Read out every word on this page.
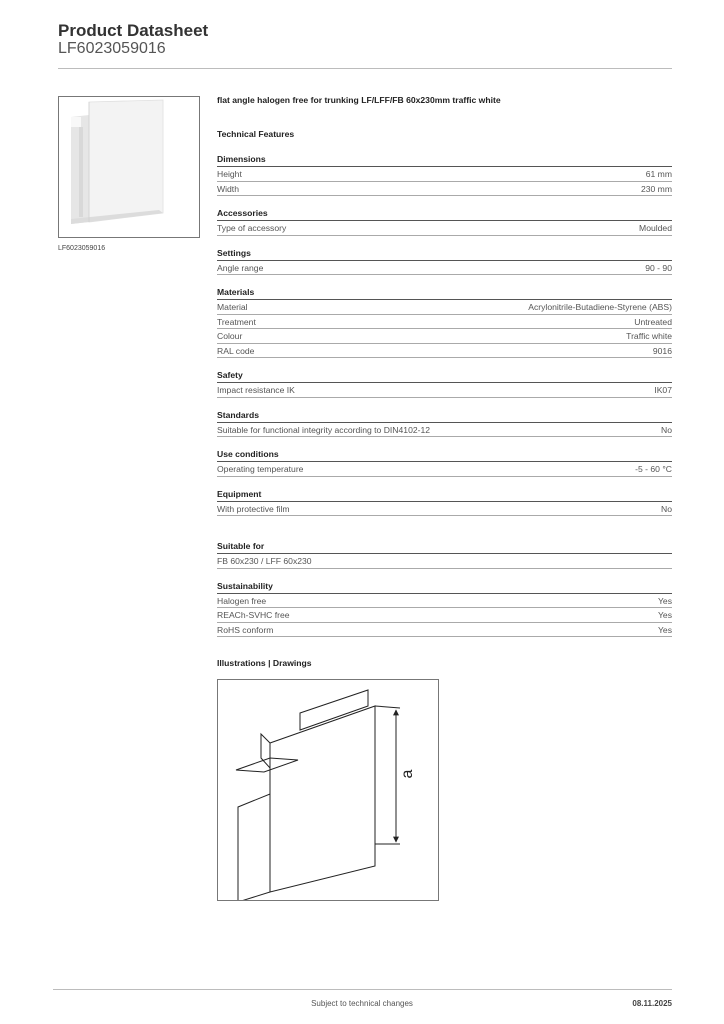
Product Datasheet
LF6023059016
LF6023059016
flat angle halogen free for trunking LF/LFF/FB 60x230mm traffic white
Technical Features
Dimensions
Height	61 mm
Width	230 mm
Accessories
Type of accessory	Moulded
Settings
Angle range	90 - 90
Materials
Material	Acrylonitrile-Butadiene-Styrene (ABS)
Treatment	Untreated
Colour	Traffic white
RAL code	9016
Safety
Impact resistance IK	IK07
Standards
Suitable for functional integrity according to DIN4102-12	No
Use conditions
Operating temperature	-5 - 60 °C
Equipment
With protective film	No
Suitable for
FB 60x230 / LFF 60x230
Sustainability
Halogen free	Yes
REACh-SVHC free	Yes
RoHS conform	Yes
Illustrations | Drawings
a
Subject to technical changes	08.11.2025
